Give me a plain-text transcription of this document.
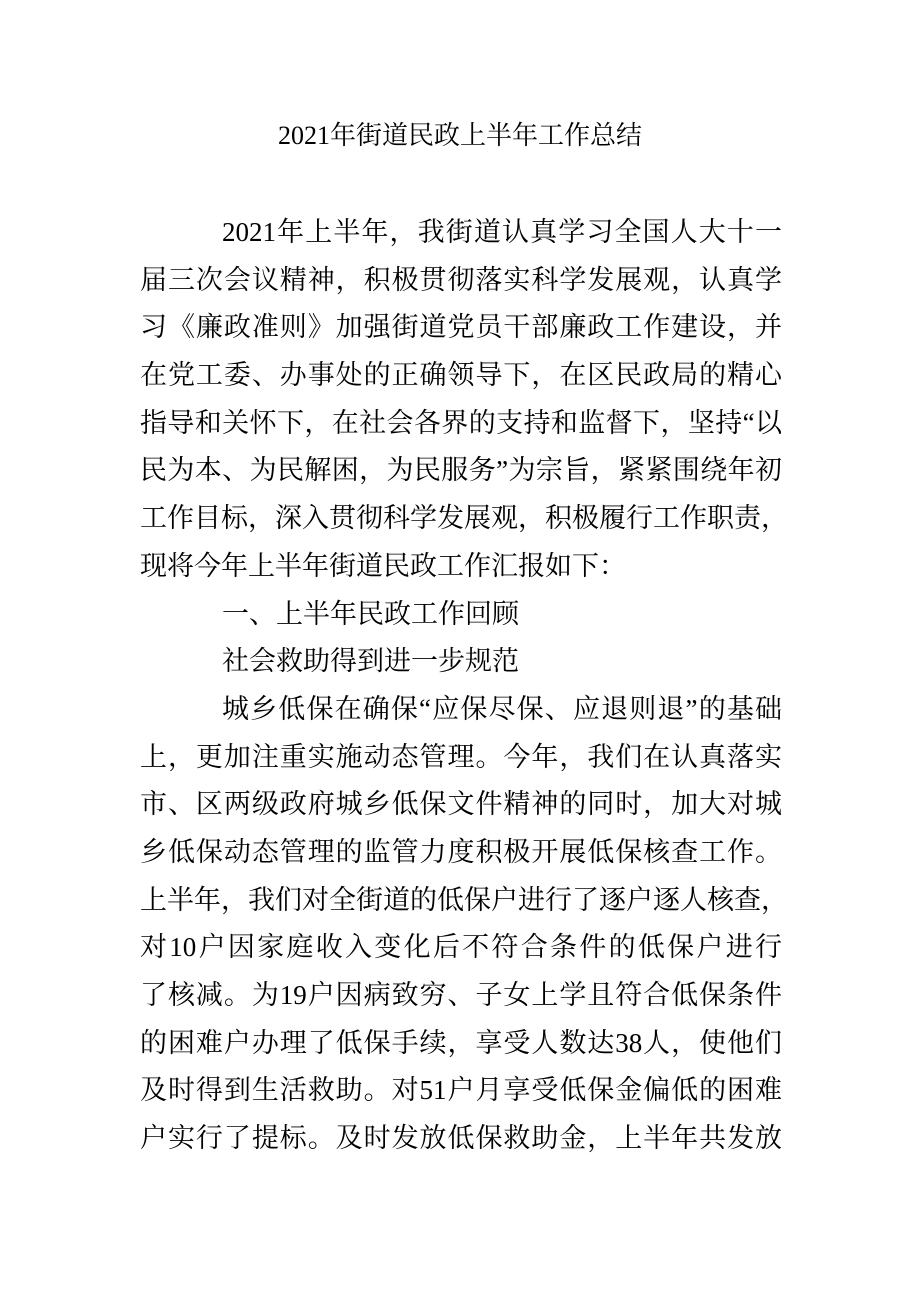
2021年街道民政上半年工作总结
2021年上半年，我街道认真学习全国人大十一
届三次会议精神，积极贯彻落实科学发展观，认真学
习《廉政准则》加强街道党员干部廉政工作建设，并
在党工委、办事处的正确领导下，在区民政局的精心
指导和关怀下，在社会各界的支持和监督下，坚持“以
民为本、为民解困，为民服务”为宗旨，紧紧围绕年初
工作目标，深入贯彻科学发展观，积极履行工作职责，
现将今年上半年街道民政工作汇报如下：
一、上半年民政工作回顾
社会救助得到进一步规范
城乡低保在确保“应保尽保、应退则退”的基础
上，更加注重实施动态管理。今年，我们在认真落实
市、区两级政府城乡低保文件精神的同时，加大对城
乡低保动态管理的监管力度积极开展低保核查工作。
上半年，我们对全街道的低保户进行了逐户逐人核查，
对10户因家庭收入变化后不符合条件的低保户进行
了核减。为19户因病致穷、子女上学且符合低保条件
的困难户办理了低保手续，享受人数达38人，使他们
及时得到生活救助。对51户月享受低保金偏低的困难
户实行了提标。及时发放低保救助金，上半年共发放
